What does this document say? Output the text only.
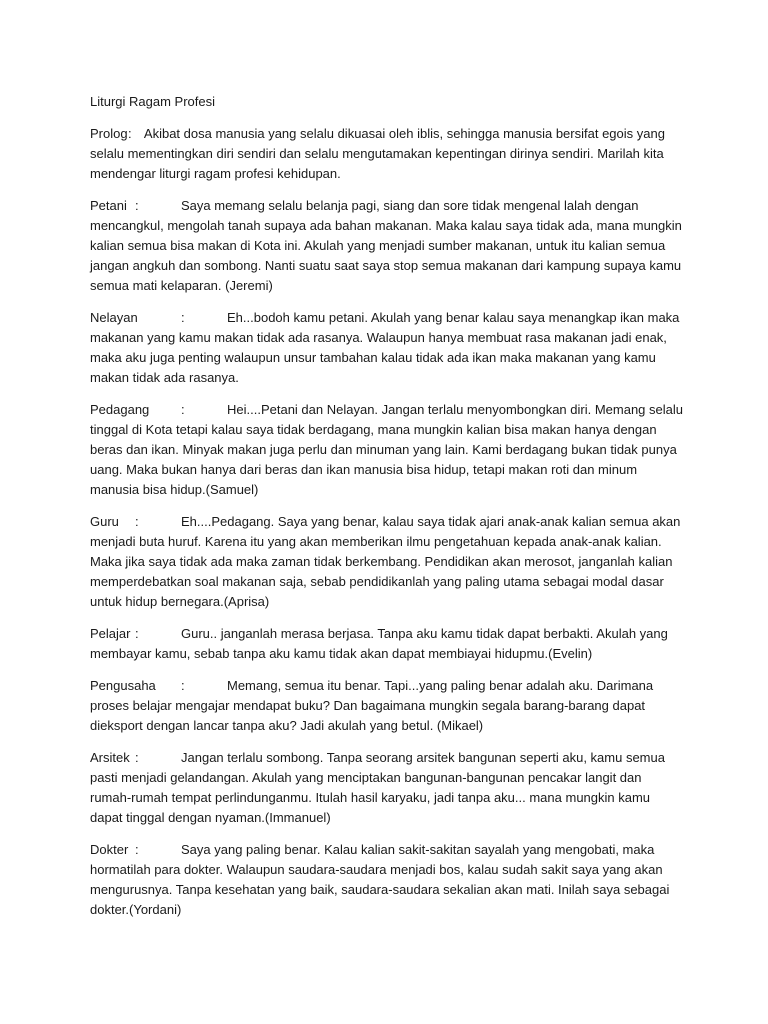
Liturgi Ragam Profesi
Prolog: Akibat dosa manusia yang selalu dikuasai oleh iblis, sehingga manusia bersifat egois yang selalu mementingkan diri sendiri dan selalu mengutamakan kepentingan dirinya sendiri. Marilah kita mendengar liturgi ragam profesi kehidupan.
Petani :	Saya memang selalu belanja pagi, siang dan sore tidak mengenal lalah dengan mencangkul, mengolah tanah supaya ada bahan makanan. Maka kalau saya tidak ada, mana mungkin kalian semua bisa makan di Kota ini. Akulah yang menjadi sumber makanan, untuk itu kalian semua jangan angkuh dan sombong. Nanti suatu saat saya stop semua makanan dari kampung supaya kamu semua mati kelaparan. (Jeremi)
Nelayan	:	Eh...bodoh kamu petani. Akulah yang benar kalau saya menangkap ikan maka makanan yang kamu makan tidak ada rasanya. Walaupun hanya membuat rasa makanan jadi enak, maka aku juga penting walaupun unsur tambahan kalau tidak ada ikan maka makanan yang kamu makan tidak ada rasanya.
Pedagang :	Hei....Petani dan Nelayan. Jangan terlalu menyombongkan diri. Memang selalu tinggal di Kota tetapi kalau saya tidak berdagang, mana mungkin kalian bisa makan hanya dengan beras dan ikan. Minyak makan juga perlu dan minuman yang lain. Kami berdagang bukan tidak punya uang. Maka bukan hanya dari beras dan ikan manusia bisa hidup, tetapi makan roti dan minum manusia bisa hidup.(Samuel)
Guru :	Eh....Pedagang. Saya yang benar, kalau saya tidak ajari anak-anak kalian semua akan menjadi buta huruf. Karena itu yang akan memberikan ilmu pengetahuan kepada anak-anak kalian. Maka jika saya tidak ada maka zaman tidak berkembang. Pendidikan akan merosot, janganlah kalian memperdebatkan soal makanan saja, sebab pendidikanlah yang paling utama sebagai modal dasar untuk hidup bernegara.(Aprisa)
Pelajar :	Guru.. janganlah merasa berjasa. Tanpa aku kamu tidak dapat berbakti. Akulah yang membayar kamu, sebab tanpa aku kamu tidak akan dapat membiayai hidupmu.(Evelin)
Pengusaha :	Memang, semua itu benar. Tapi...yang paling benar adalah aku. Darimana proses belajar mengajar mendapat buku? Dan bagaimana mungkin segala barang-barang dapat dieksport dengan lancar tanpa aku? Jadi akulah yang betul. (Mikael)
Arsitek :	Jangan terlalu sombong. Tanpa seorang arsitek bangunan seperti aku, kamu semua pasti menjadi gelandangan. Akulah yang menciptakan bangunan-bangunan pencakar langit dan rumah-rumah tempat perlindunganmu. Itulah hasil karyaku, jadi tanpa aku... mana mungkin kamu dapat tinggal dengan nyaman.(Immanuel)
Dokter :	Saya yang paling benar. Kalau kalian sakit-sakitan sayalah yang mengobati, maka hormatilah para dokter. Walaupun saudara-saudara menjadi bos, kalau sudah sakit saya yang akan mengurusnya. Tanpa kesehatan yang baik, saudara-saudara sekalian akan mati. Inilah saya sebagai dokter.(Yordani)
